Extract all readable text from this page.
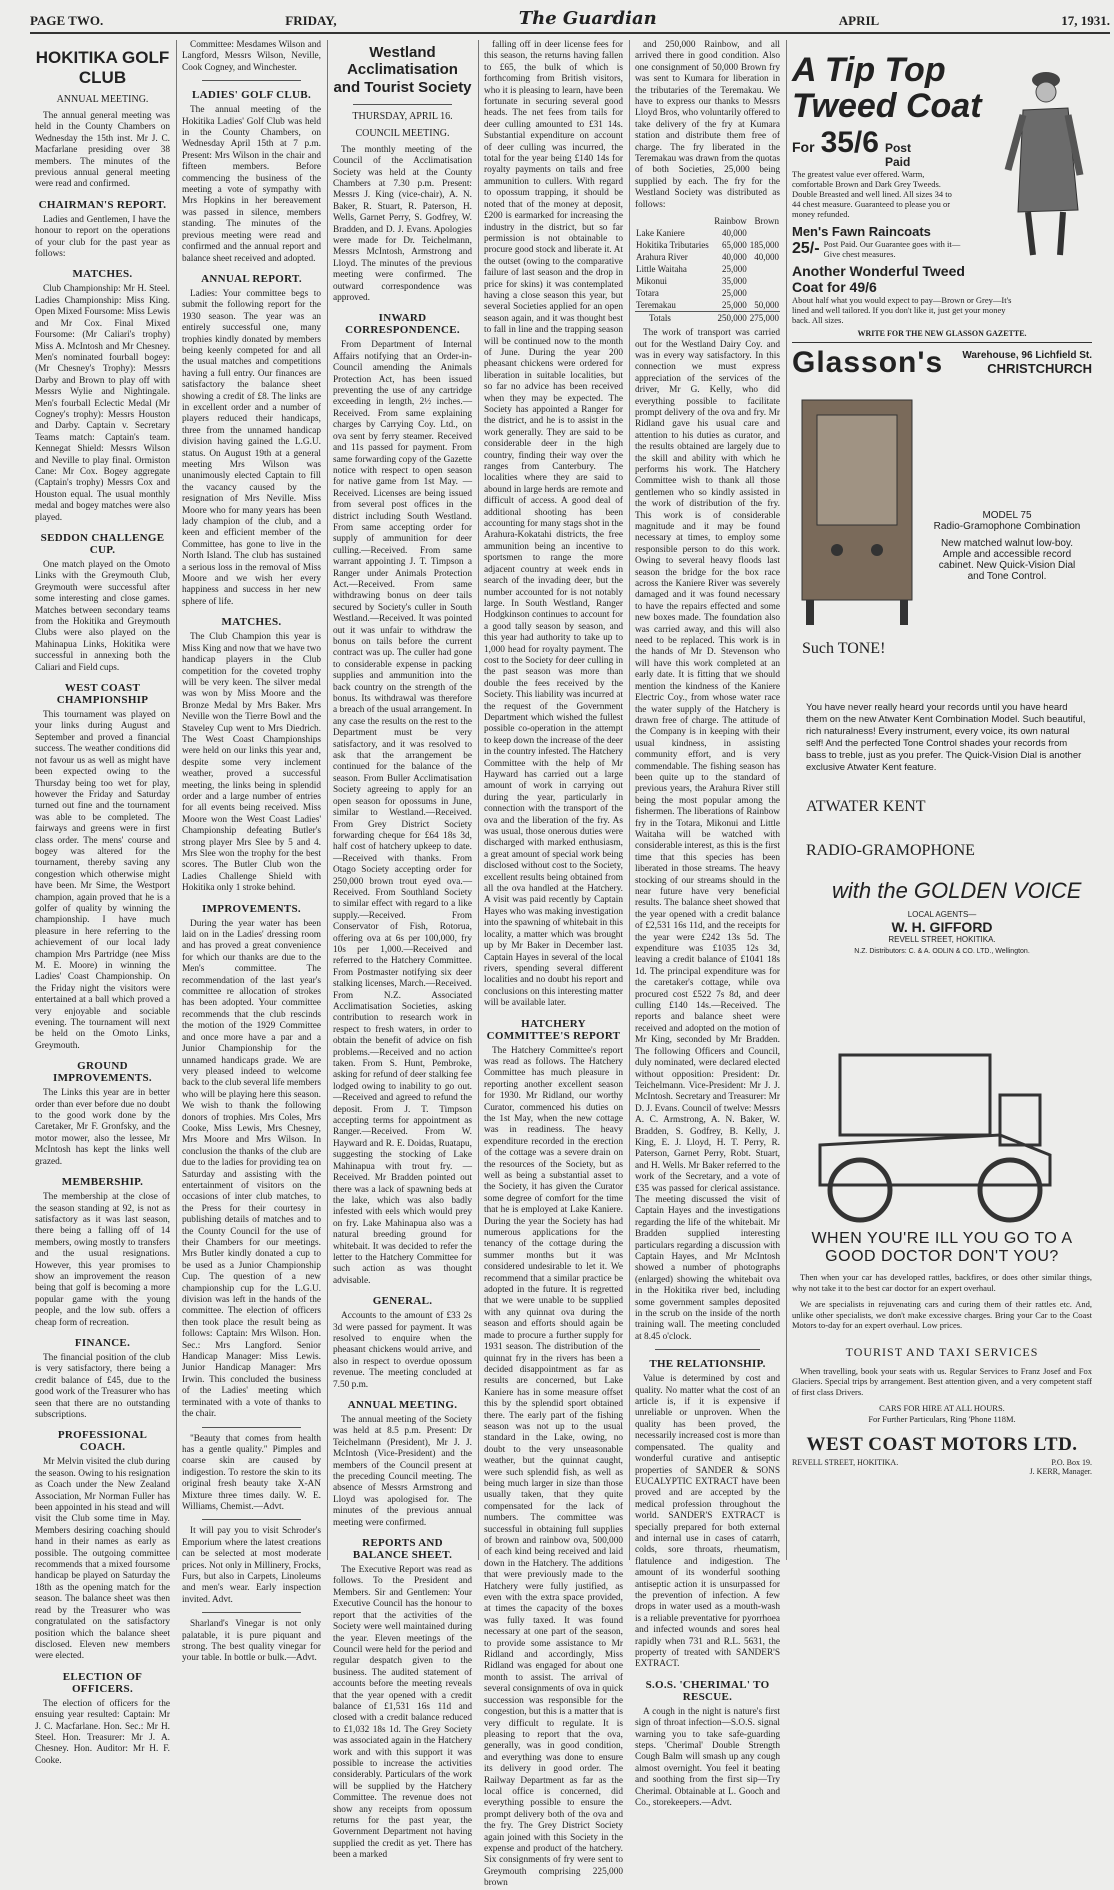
PAGE TWO.	FRIDAY,	The Guardian	APRIL	17, 1931.
HOKITIKA GOLF CLUB
ANNUAL MEETING.

The annual general meeting was held in the County Chambers on Wednesday the 15th inst. Mr J. C. Macfarlane presiding over 38 members. The minutes of the previous annual general meeting were read and confirmed.

CHAIRMAN'S REPORT.

Ladies and Gentlemen, I have the honour to report on the operations of your club for the past year as follows:

MATCHES.

Club Championship: Mr H. Steel. Ladies Championship: Miss King. Open Mixed Foursome: Miss Lewis and Mr Cox. Final Mixed Foursome: (Mr Caliari's trophy) Miss A. McIntosh and Mr Chesney. Men's nominated fourball bogey: (Mr Chesney's Trophy): Messrs Darby and Brown to play off with Messrs Wylie and Nightingale. Men's fourball Eclectic Medal (Mr Cogney's trophy): Messrs Houston and Darby. Captain v. Secretary Teams match: Captain's team. Kennegat Shield: Messrs Wilson and Neville to play final. Ormiston Cane: Mr Cox. Bogey aggregate (Captain's trophy) Messrs Cox and Houston equal. The usual monthly medal and bogey matches were also played.

SEDDON CHALLENGE CUP.

One match played on the Omoto Links with the Greymouth Club, Greymouth were successful after some interesting and close games. Matches between secondary teams from the Hokitika and Greymouth Clubs were also played on the Mahinapua Links, Hokitika were successful in annexing both the Caliari and Field cups.

WEST COAST CHAMPIONSHIP

This tournament was played on your links during August and September and proved a financial success. The weather conditions did not favour us as well as might have been expected owing to the Thursday being too wet for play, however the Friday and Saturday turned out fine and the tournament was able to be completed. The fairways and greens were in first class order. The mens' course and bogey was altered for the tournament, thereby saving any congestion which otherwise might have been. Mr Sime, the Westport champion, again proved that he is a golfer of quality by winning the championship. I have much pleasure in here referring to the achievement of our local lady champion Mrs Partridge (nee Miss M. E. Moore) in winning the Ladies' Coast Championship. On the Friday night the visitors were entertained at a ball which proved a very enjoyable and sociable evening. The tournament will next be held on the Omoto Links, Greymouth.

GROUND IMPROVEMENTS.

The Links this year are in better order than ever before due no doubt to the good work done by the Caretaker, Mr F. Gronfsky, and the motor mower, also the lessee, Mr McIntosh has kept the links well grazed.

MEMBERSHIP.

The membership at the close of the season standing at 92, is not as satisfactory as it was last season, there being a falling off of 14 members, owing mostly to transfers and the usual resignations. However, this year promises to show an improvement the reason being that golf is becoming a more popular game with the young people, and the low sub. offers a cheap form of recreation.

FINANCE.

The financial position of the club is very satisfactory, there being a credit balance of £45, due to the good work of the Treasurer who has seen that there are no outstanding subscriptions.

PROFESSIONAL COACH.

Mr Melvin visited the club during the season. Owing to his resignation as Coach under the New Zealand Association, Mr Norman Fuller has been appointed in his stead and will visit the Club some time in May. Members desiring coaching should hand in their names as early as possible. The outgoing committee recommends that a mixed foursome handicap be played on Saturday the 18th as the opening match for the season. The balance sheet was then read by the Treasurer who was congratulated on the satisfactory position which the balance sheet disclosed. Eleven new members were elected.

ELECTION OF OFFICERS.

The election of officers for the ensuing year resulted: Captain: Mr J. C. Macfarlane. Hon. Sec.: Mr H. Steel. Hon. Treasurer: Mr J. A. Chesney. Hon. Auditor: Mr H. F. Cooke.

Committee: Mesdames Wilson and Langford, Messrs Wilson, Neville, Cook Cogney, and Winchester.

LADIES' GOLF CLUB.

The annual meeting of the Hokitika Ladies' Golf Club was held in the County Chambers, on Wednesday April 15th at 7 p.m. Present: Mrs Wilson in the chair and fifteen members. Before commencing the business of the meeting a vote of sympathy with Mrs Hopkins in her bereavement was passed in silence, members standing. The minutes of the previous meeting were read and confirmed and the annual report and balance sheet received and adopted.

ANNUAL REPORT.

Ladies: Your committee begs to submit the following report for the 1930 season. The year was an entirely successful one, many trophies kindly donated by members being keenly competed for and all the usual matches and competitions having a full entry. Our finances are satisfactory the balance sheet showing a credit of £8. The links are in excellent order and a number of players reduced their handicaps, three from the unnamed handicap division having gained the L.G.U. status. On August 19th at a general meeting Mrs Wilson was unanimously elected Captain to fill the vacancy caused by the resignation of Mrs Neville. Miss Moore who for many years has been lady champion of the club, and a keen and efficient member of the Committee, has gone to live in the North Island. The club has sustained a serious loss in the removal of Miss Moore and we wish her every happiness and success in her new sphere of life.

MATCHES.

The Club Champion this year is Miss King and now that we have two handicap players in the Club competition for the coveted trophy will be very keen. The silver medal was won by Miss Moore and the Bronze Medal by Mrs Baker. Mrs Neville won the Tierre Bowl and the Staveley Cup went to Mrs Diedrich. The West Coast Championships were held on our links this year and, despite some very inclement weather, proved a successful meeting, the links being in splendid order and a large number of entries for all events being received. Miss Moore won the West Coast Ladies' Championship defeating Butler's strong player Mrs Slee by 5 and 4. Mrs Slee won the trophy for the best scores. The Butler Club won the Ladies Challenge Shield with Hokitika only 1 stroke behind.

IMPROVEMENTS.

During the year water has been laid on in the Ladies' dressing room and has proved a great convenience for which our thanks are due to the Men's committee. The recommendation of the last year's committee re allocation of strokes has been adopted. Your committee recommends that the club rescinds the motion of the 1929 Committee and once more have a par and a Junior Championship for the unnamed handicaps grade. We are very pleased indeed to welcome back to the club several life members who will be playing here this season. We wish to thank the following donors of trophies. Mrs Coles, Mrs Cooke, Miss Lewis, Mrs Chesney, Mrs Moore and Mrs Wilson. In conclusion the thanks of the club are due to the ladies for providing tea on Saturday and assisting with the entertainment of visitors on the occasions of inter club matches, to the Press for their courtesy in publishing details of matches and to the County Council for the use of their Chambers for our meetings. Mrs Butler kindly donated a cup to be used as a Junior Championship Cup. The question of a new championship cup for the L.G.U. division was left in the hands of the committee. The election of officers then took place the result being as follows: Captain: Mrs Wilson. Hon. Sec.: Mrs Langford. Senior Handicap Manager: Miss Lewis. Junior Handicap Manager: Mrs Irwin. This concluded the business of the Ladies' meeting which terminated with a vote of thanks to the chair.

"Beauty that comes from health has a gentle quality." Pimples and coarse skin are caused by indigestion. To restore the skin to its original fresh beauty take X-AN Mixture three times daily. W. E. Williams, Chemist.—Advt.

It will pay you to visit Schroder's Emporium where the latest creations can be selected at most moderate prices. Not only in Millinery, Frocks, Furs, but also in Carpets, Linoleums and men's wear. Early inspection invited. Advt.

Sharland's Vinegar is not only palatable, it is pure piquant and strong. The best quality vinegar for your table. In bottle or bulk.—Advt.

Westland Acclimatisation and Tourist Society
THURSDAY, APRIL 16.
COUNCIL MEETING.

The monthly meeting of the Council of the Acclimatisation Society was held at the County Chambers at 7.30 p.m. Present: Messrs J. King (vice-chair), A. N. Baker, R. Stuart, R. Paterson, H. Wells, Garnet Perry, S. Godfrey, W. Bradden, and D. J. Evans. Apologies were made for Dr. Teichelmann, Messrs McIntosh, Armstrong and Lloyd. The minutes of the previous meeting were confirmed. The outward correspondence was approved.

INWARD CORRESPONDENCE.

From Department of Internal Affairs notifying that an Order-in-Council amending the Animals Protection Act, has been issued preventing the use of any cartridge exceeding in length, 2½ inches.—Received. From same explaining charges by Carrying Coy. Ltd., on ova sent by ferry steamer. Received and 11s passed for payment. From same forwarding copy of the Gazette notice with respect to open season for native game from 1st May. —Received. Licenses are being issued from several post offices in the district including South Westland. From same accepting order for supply of ammunition for deer culling.—Received. From same warrant appointing J. T. Timpson a Ranger under Animals Protection Act.—Received. From same withdrawing bonus on deer tails secured by Society's culler in South Westland.—Received. It was pointed out it was unfair to withdraw the bonus on tails before the current contract was up. The culler had gone to considerable expense in packing supplies and ammunition into the back country on the strength of the bonus. Its withdrawal was therefore a breach of the usual arrangement. In any case the results on the rest to the Department must be very satisfactory, and it was resolved to ask that the arrangement be continued for the balance of the season. From Buller Acclimatisation Society agreeing to apply for an open season for opossums in June, similar to Westland.—Received. From Grey District Society forwarding cheque for £64 18s 3d, half cost of hatchery upkeep to date.—Received with thanks. From Otago Society accepting order for 250,000 brown trout eyed ova.—Received. From Southland Society to similar effect with regard to a like supply.—Received. From Conservator of Fish, Rotorua, offering ova at 6s per 100,000, fry 10s per 1,000.—Received and referred to the Hatchery Committee. From Postmaster notifying six deer stalking licenses, March.—Received. From N.Z. Associated Acclimatisation Societies, asking contribution to research work in respect to fresh waters, in order to obtain the benefit of advice on fish problems.—Received and no action taken. From S. Hunt, Pembroke, asking for refund of deer stalking fee lodged owing to inability to go out.—Received and agreed to refund the deposit. From J. T. Timpson accepting terms for appointment as Ranger.—Received. From W. Hayward and R. E. Doidas, Ruatapu, suggesting the stocking of Lake Mahinapua with trout fry. —Received. Mr Bradden pointed out there was a lack of spawning beds at the lake, which was also badly infested with eels which would prey on fry. Lake Mahinapua also was a natural breeding ground for whitebait. It was decided to refer the letter to the Hatchery Committee for such action as was thought advisable.

GENERAL.

Accounts to the amount of £33 2s 3d were passed for payment. It was resolved to enquire when the pheasant chickens would arrive, and also in respect to overdue opossum revenue. The meeting concluded at 7.50 p.m.

ANNUAL MEETING.

The annual meeting of the Society was held at 8.5 p.m. Present: Dr Teichelmann (President), Mr J. J. McIntosh (Vice-President) and the members of the Council present at the preceding Council meeting. The absence of Messrs Armstrong and Lloyd was apologised for. The minutes of the previous annual meeting were confirmed.

REPORTS AND BALANCE SHEET.

The Executive Report was read as follows. To the President and Members. Sir and Gentlemen: Your Executive Council has the honour to report that the activities of the Society were well maintained during the year. Eleven meetings of the Council were held for the period and regular despatch given to the business. The audited statement of accounts before the meeting reveals that the year opened with a credit balance of £1,531 16s 11d and closed with a credit balance reduced to £1,032 18s 1d. The Grey Society was associated again in the Hatchery work and with this support it was possible to increase the activities considerably. Particulars of the work will be supplied by the Hatchery Committee. The revenue does not show any receipts from opossum returns for the past year, the Government Department not having supplied the credit as yet. There has been a marked

falling off in deer license fees for this season, the returns having fallen to £65, the bulk of which is forthcoming from British visitors, who it is pleasing to learn, have been fortunate in securing several good heads. The net fees from tails for deer culling amounted to £31 14s. Substantial expenditure on account of deer culling was incurred, the total for the year being £140 14s for royalty payments on tails and free ammunition to cullers. With regard to opossum trapping, it should be noted that of the money at deposit, £200 is earmarked for increasing the industry in the district, but so far permission is not obtainable to procure good stock and liberate it. At the outset (owing to the comparative failure of last season and the drop in price for skins) it was contemplated having a close season this year, but several Societies applied for an open season again, and it was thought best to fall in line and the trapping season will be continued now to the month of June. During the year 200 pheasant chickens were ordered for liberation in suitable localities, but so far no advice has been received when they may be expected. The Society has appointed a Ranger for the district, and he is to assist in the work generally. They are said to be considerable deer in the high country, finding their way over the ranges from Canterbury. The localities where they are said to abound in large herds are remote and difficult of access. A good deal of additional shooting has been accounting for many stags shot in the Arahura-Kokatahi districts, the free ammunition being an incentive to sportsmen to range the more adjacent country at week ends in search of the invading deer, but the number accounted for is not notably large. In South Westland, Ranger Hodgkinson continues to account for a good tally season by season, and this year had authority to take up to 1,000 head for royalty payment. The cost to the Society for deer culling in the past season was more than double the fees received by the Society. This liability was incurred at the request of the Government Department which wished the fullest possible co-operation in the attempt to keep down the increase of the deer in the country infested. The Hatchery Committee with the help of Mr Hayward has carried out a large amount of work in carrying out during the year, particularly in connection with the transport of the ova and the liberation of the fry. As was usual, those onerous duties were discharged with marked enthusiasm, a great amount of special work being disclosed without cost to the Society, excellent results being obtained from all the ova handled at the Hatchery. A visit was paid recently by Captain Hayes who was making investigation into the spawning of whitebait in this locality, a matter which was brought up by Mr Baker in December last. Captain Hayes in several of the local rivers, spending several different localities and no doubt his report and conclusions on this interesting matter will be available later.

HATCHERY COMMITTEE'S REPORT

The Hatchery Committee's report was read as follows. The Hatchery Committee has much pleasure in reporting another excellent season for 1930. Mr Ridland, our worthy Curator, commenced his duties on the 1st May, when the new cottage was in readiness. The heavy expenditure recorded in the erection of the cottage was a severe drain on the resources of the Society, but as well as being a substantial asset to the Society, it has given the Curator some degree of comfort for the time that he is employed at Lake Kaniere. During the year the Society has had numerous applications for the tenancy of the cottage during the summer months but it was considered undesirable to let it. We recommend that a similar practice be adopted in the future. It is regretted that we were unable to be supplied with any quinnat ova during the season and efforts should again be made to procure a further supply for 1931 season. The distribution of the quinnat fry in the rivers has been a decided disappointment as far as results are concerned, but Lake Kaniere has in some measure offset this by the splendid sport obtained there. The early part of the fishing season was not up to the usual standard in the Lake, owing, no doubt to the very unseasonable weather, but the quinnat caught, were such splendid fish, as well as being much larger in size than those usually taken, that they quite compensated for the lack of numbers. The committee was successful in obtaining full supplies of brown and rainbow ova, 500,000 of each kind being received and laid down in the Hatchery. The additions that were previously made to the Hatchery were fully justified, as even with the extra space provided, at times the capacity of the boxes was fully taxed. It was found necessary at one part of the season, to provide some assistance to Mr Ridland and accordingly, Miss Ridland was engaged for about one month to assist. The arrival of several consignments of ova in quick succession was responsible for the congestion, but this is a matter that is very difficult to regulate. It is pleasing to report that the ova, generally, was in good condition, and everything was done to ensure its delivery in good order. The Railway Department as far as the local office is concerned, did everything possible to ensure the prompt delivery both of the ova and the fry. The Grey District Society again joined with this Society in the expense and product of the hatchery. Six consignments of fry were sent to Greymouth comprising 225,000 brown

and 250,000 Rainbow, and all arrived there in good condition. Also one consignment of 50,000 Brown fry was sent to Kumara for liberation in the tributaries of the Teremakau. We have to express our thanks to Messrs Lloyd Bros, who voluntarily offered to take delivery of the fry at Kumara station and distribute them free of charge. The fry liberated in the Teremakau was drawn from the quotas of both Societies, 25,000 being supplied by each. The fry for the Westland Society was distributed as follows:

	Rainbow	Brown
Lake Kaniere	40,000	
Hokitika Tributaries	65,000	185,000
Arahura River	40,000	40,000
Little Waitaha	25,000	
Mikonui	35,000	
Totara	25,000	
Teremakau	25,000	50,000
Totals	250,000	275,000

The work of transport was carried out for the Westland Dairy Coy. and was in every way satisfactory. In this connection we must express appreciation of the services of the driver, Mr G. Kelly, who did everything possible to facilitate prompt delivery of the ova and fry. Mr Ridland gave his usual care and attention to his duties as curator, and the results obtained are largely due to the skill and ability with which he performs his work. The Hatchery Committee wish to thank all those gentlemen who so kindly assisted in the work of distribution of the fry. This work is of considerable magnitude and it may be found necessary at times, to employ some responsible person to do this work. Owing to several heavy floods last season the bridge for the box race across the Kaniere River was severely damaged and it was found necessary to have the repairs effected and some new boxes made. The foundation also was carried away, and this will also need to be replaced. This work is in the hands of Mr D. Stevenson who will have this work completed at an early date. It is fitting that we should mention the kindness of the Kaniere Electric Coy., from whose water race the water supply of the Hatchery is drawn free of charge. The attitude of the Company is in keeping with their usual kindness, in assisting community effort, and is very commendable. The fishing season has been quite up to the standard of previous years, the Arahura River still being the most popular among the fishermen. The liberations of Rainbow fry in the Totara, Mikonui and Little Waitaha will be watched with considerable interest, as this is the first time that this species has been liberated in those streams. The heavy stocking of our streams should in the near future have very beneficial results. The balance sheet showed that the year opened with a credit balance of £2,531 16s 11d, and the receipts for the year were £242 13s 5d. The expenditure was £1035 12s 3d, leaving a credit balance of £1041 18s 1d. The principal expenditure was for the caretaker's cottage, while ova procured cost £522 7s 8d, and deer culling £140 14s.—Received. The reports and balance sheet were received and adopted on the motion of Mr King, seconded by Mr Bradden. The following Officers and Council, duly nominated, were declared elected without opposition: President: Dr. Teichelmann. Vice-President: Mr J. J. McIntosh. Secretary and Treasurer: Mr D. J. Evans. Council of twelve: Messrs A. C. Armstrong, A. N. Baker, W. Bradden, S. Godfrey, B. Kelly, J. King, E. J. Lloyd, H. T. Perry, R. Paterson, Garnet Perry, Robt. Stuart, and H. Wells. Mr Baker referred to the work of the Secretary, and a vote of £35 was passed for clerical assistance. The meeting discussed the visit of Captain Hayes and the investigations regarding the life of the whitebait. Mr Bradden supplied interesting particulars regarding a discussion with Captain Hayes, and Mr McIntosh showed a number of photographs (enlarged) showing the whitebait ova in the Hokitika river bed, including some government samples deposited in the scrub on the inside of the north training wall. The meeting concluded at 8.45 o'clock.

THE RELATIONSHIP.

Value is determined by cost and quality. No matter what the cost of an article is, if it is expensive if unreliable or unproven. When the quality has been proved, the necessarily increased cost is more than compensated. The quality and wonderful curative and antiseptic properties of SANDER & SONS EUCALYPTIC EXTRACT have been proved and are accepted by the medical profession throughout the world. SANDER'S EXTRACT is specially prepared for both external and internal use in cases of catarrh, colds, sore throats, rheumatism, flatulence and indigestion. The amount of its wonderful soothing antiseptic action it is unsurpassed for the prevention of infection. A few drops in water used as a mouth-wash is a reliable preventative for pyorrhoea and infected wounds and sores heal rapidly when 731 and R.L. 5631, the property of treated with SANDER'S EXTRACT.

S.O.S. 'CHERIMAL' TO RESCUE.

A cough in the night is nature's first sign of throat infection—S.O.S. signal warning you to take safe-guarding steps. 'Cherimal' Double Strength Cough Balm will smash up any cough almost overnight. You feel it beating and soothing from the first sip—Try Cherimal. Obtainable at L. Gooch and Co., storekeepers.—Advt.

A Tip Top
Tweed Coat
For 35/6 Post Paid
The greatest value ever offered. Warm, comfortable Brown and Dark Grey Tweeds. Double Breasted and well lined. All sizes 34 to 44 chest measure. Guaranteed to please you or money refunded.
Men's Fawn Raincoats
25/- Post Paid. Our Guarantee goes with it—Give chest measures.
Another Wonderful Tweed Coat for 49/6
About half what you would expect to pay—Brown or Grey—It's lined and well tailored. If you don't like it, just get your money back. All sizes.
WRITE FOR THE NEW GLASSON GAZETTE.
Glasson's Warehouse, 96 Lichfield St.
CHRISTCHURCH
MODEL 75
Radio-Gramophone Combination
New matched walnut low-boy. Ample and accessible record cabinet. New Quick-Vision Dial and Tone Control.
Such TONE!
You have never really heard your records until you have heard them on the new Atwater Kent Combination Model. Such beautiful, rich naturalness! Every instrument, every voice, its own natural self! And the perfected Tone Control shades your records from bass to treble, just as you prefer. The Quick-Vision Dial is another exclusive Atwater Kent feature.
ATWATER KENT
RADIO-GRAMOPHONE
with the GOLDEN VOICE
LOCAL AGENTS—
W. H. GIFFORD
REVELL STREET, HOKITIKA.
N.Z. Distributors: C. & A. ODLIN & CO. LTD., Wellington.
WHEN YOU'RE ILL YOU GO TO A GOOD DOCTOR DON'T YOU?

Then when your car has developed rattles, backfires, or does other similar things, why not take it to the best car doctor for an expert overhaul.

We are specialists in rejuvenating cars and curing them of their rattles etc. And, unlike other specialists, we don't make excessive charges. Bring your Car to the Coast Motors to-day for an expert overhaul. Low prices.

TOURIST AND TAXI SERVICES

When travelling, book your seats with us. Regular Services to Franz Josef and Fox Glaciers. Special trips by arrangement. Best attention given, and a very competent staff of first class Drivers.

CARS FOR HIRE AT ALL HOURS.
For Further Particulars, Ring 'Phone 118M.
WEST COAST MOTORS LTD.
REVELL STREET, HOKITIKA.	P.O. Box 19.
J. KERR, Manager.
